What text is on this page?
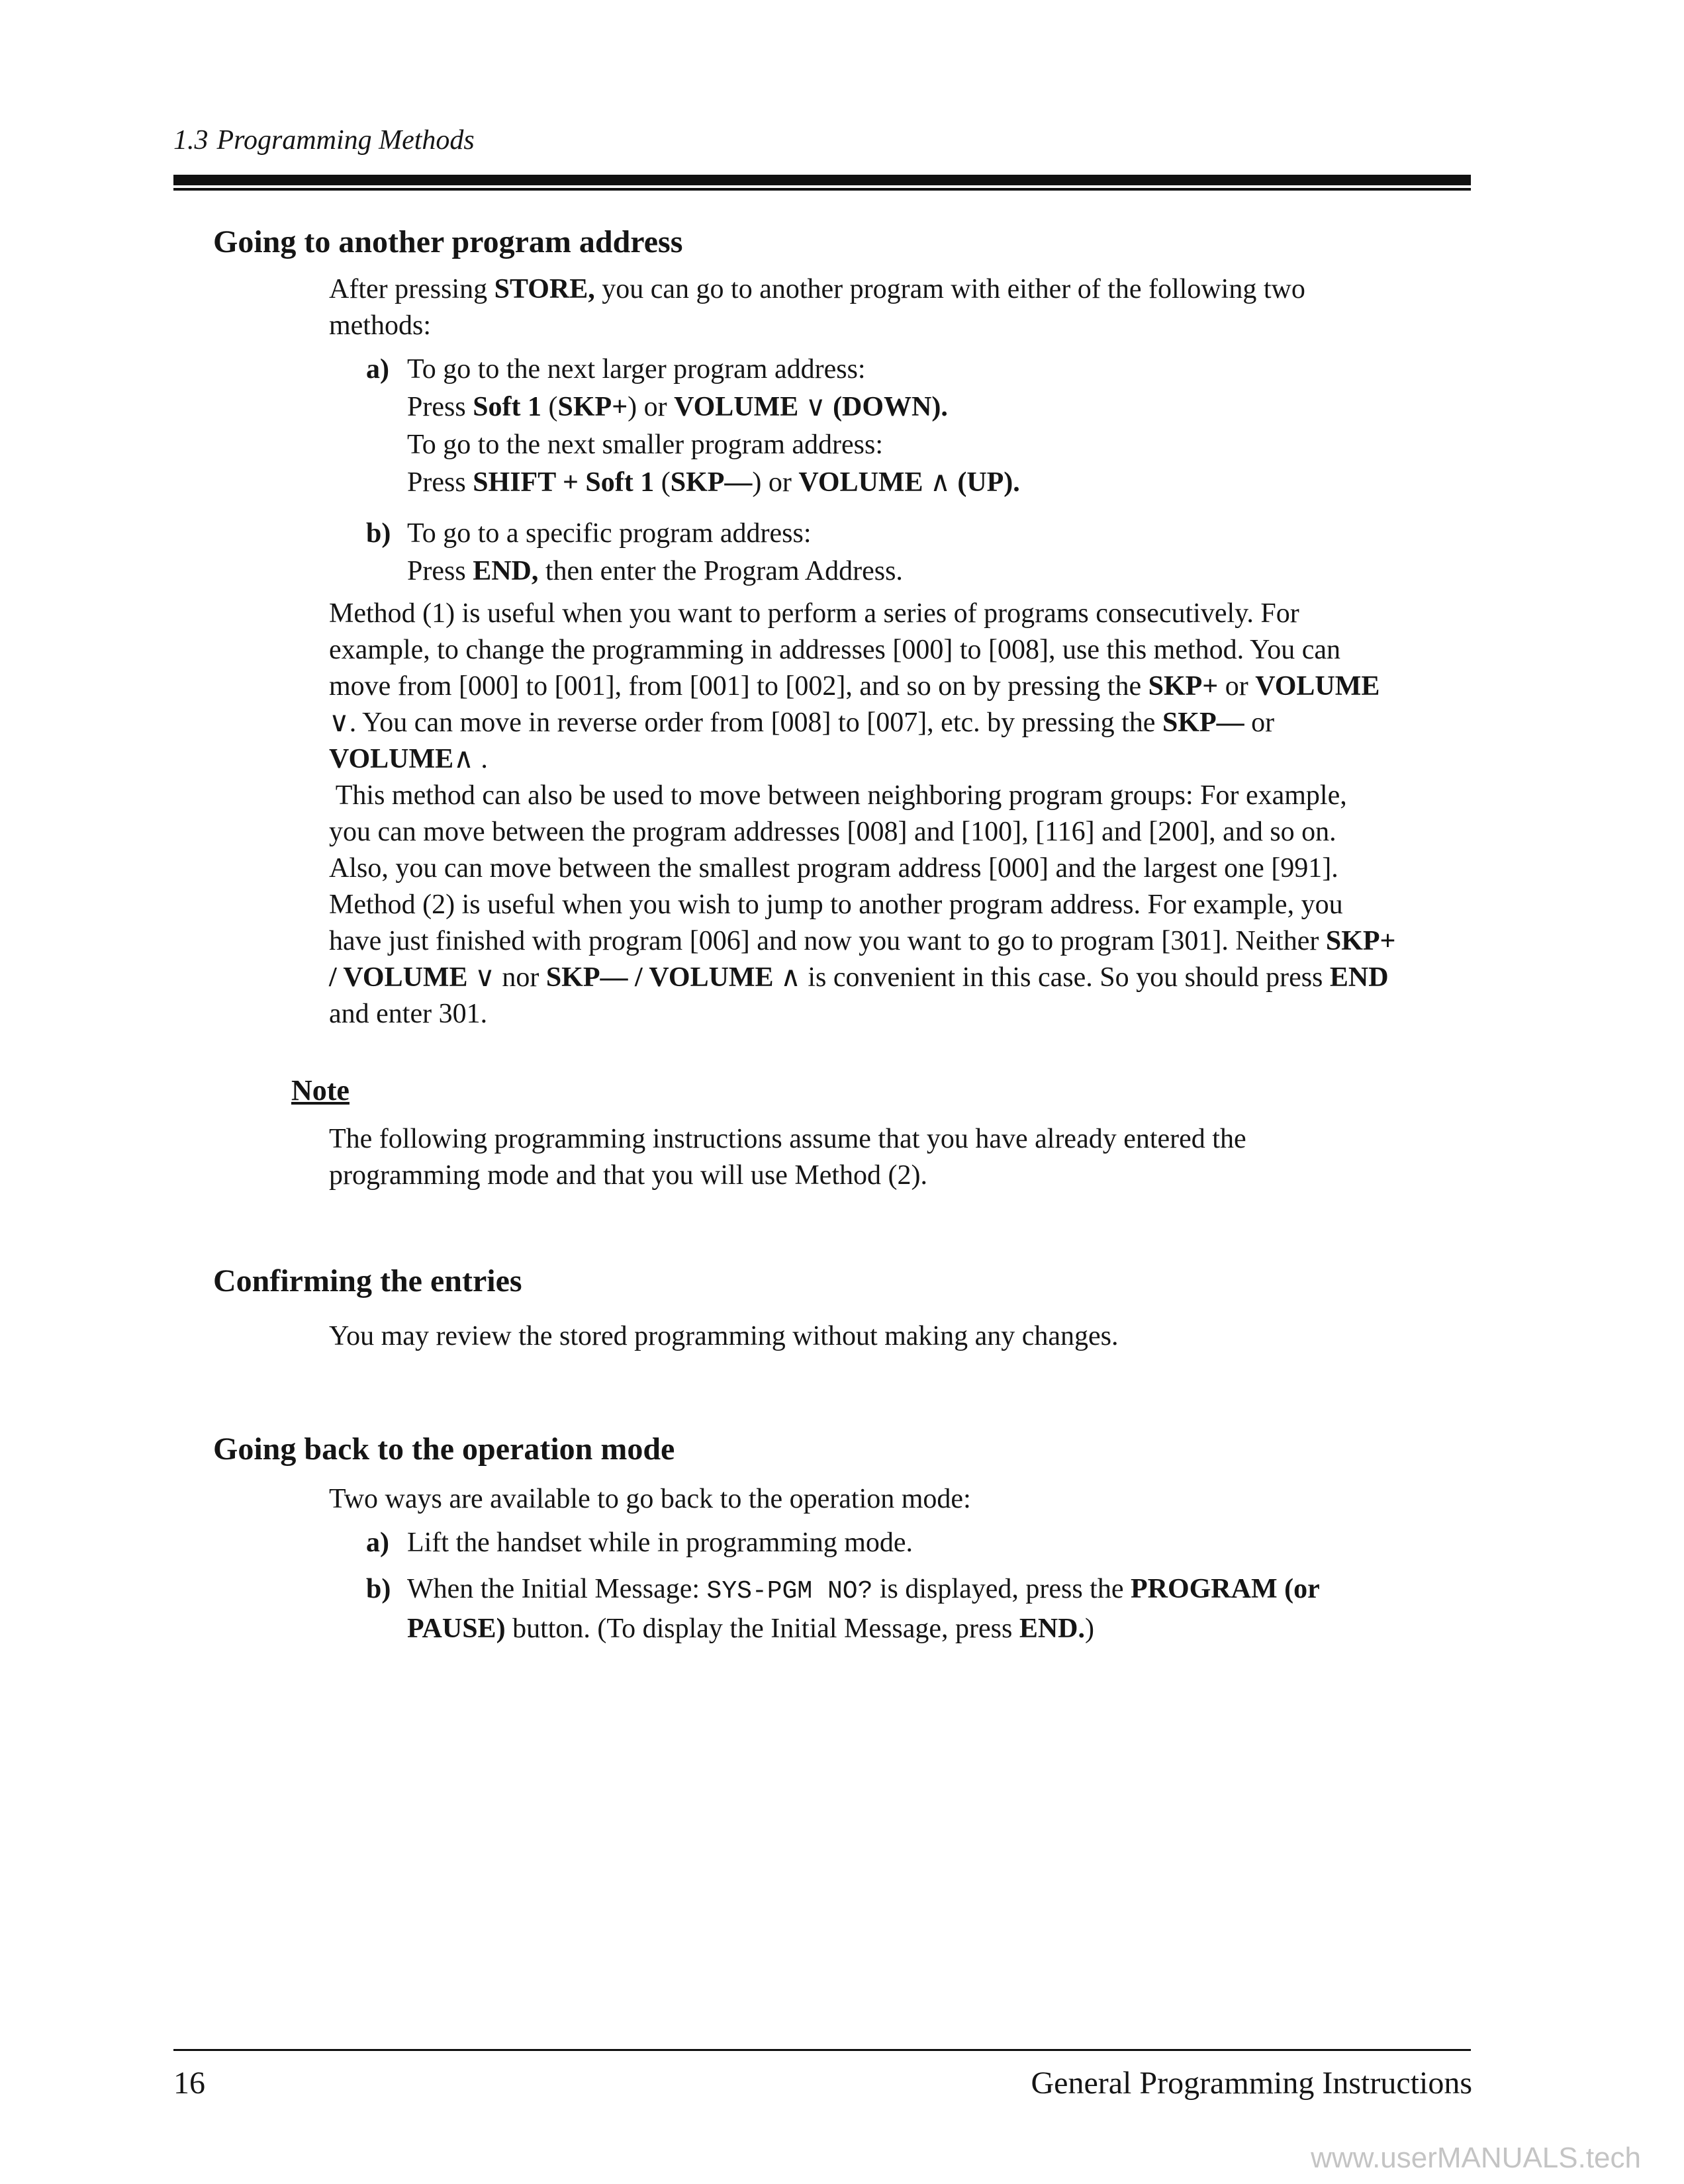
1.3 Programming Methods
Going to another program address
After pressing STORE, you can go to another program with either of the following two
methods:
a) To go to the next larger program address:
Press Soft 1 (SKP+) or VOLUME ∨ (DOWN).
To go to the next smaller program address:
Press SHIFT + Soft 1 (SKP—) or VOLUME ∧ (UP).
b) To go to a specific program address:
Press END, then enter the Program Address.
Method (1) is useful when you want to perform a series of programs consecutively. For
example, to change the programming in addresses [000] to [008], use this method. You can
move from [000] to [001], from [001] to [002], and so on by pressing the SKP+ or VOLUME
∨. You can move in reverse order from [008] to [007], etc. by pressing the SKP— or
VOLUME∧ .
This method can also be used to move between neighboring program groups: For example,
you can move between the program addresses [008] and [100], [116] and [200], and so on.
Also, you can move between the smallest program address [000] and the largest one [991].
Method (2) is useful when you wish to jump to another program address. For example, you
have just finished with program [006] and now you want to go to program [301]. Neither SKP+
/ VOLUME ∨ nor SKP— / VOLUME ∧ is convenient in this case. So you should press END
and enter 301.
Note
The following programming instructions assume that you have already entered the
programming mode and that you will use Method (2).
Confirming the entries
You may review the stored programming without making any changes.
Going back to the operation mode
Two ways are available to go back to the operation mode:
a) Lift the handset while in programming mode.
b) When the Initial Message: SYS-PGM NO? is displayed, press the PROGRAM (or
PAUSE) button. (To display the Initial Message, press END.)
16	General Programming Instructions
www.userMANUALS.tech
